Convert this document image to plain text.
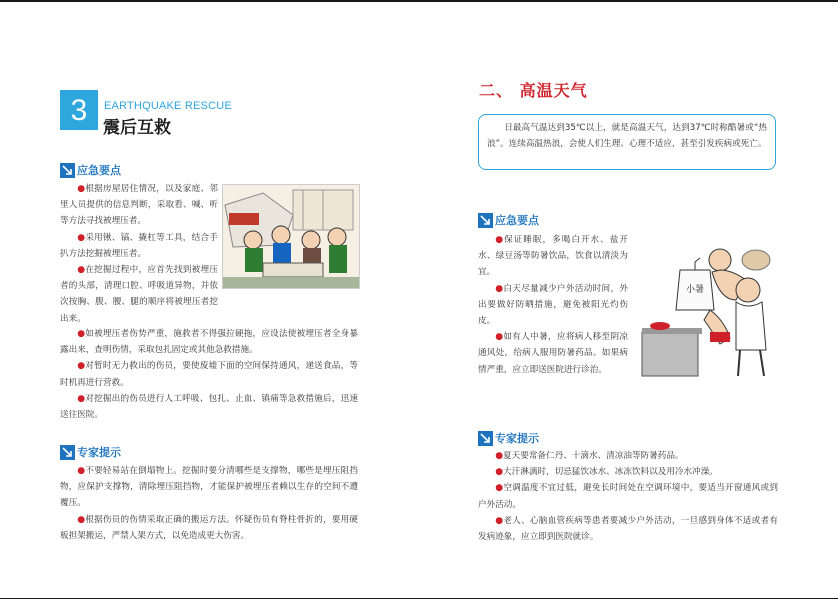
3	EARTHQUAKE RESCUE
震后互救
应急要点

●根据房屋居住情况，以及家庭、邻里人员提供的信息判断，采取看、喊、听等方法寻找被埋压者。

●采用锹、镐、撬杠等工具，结合手扒方法挖掘被埋压者。

●在挖掘过程中，应首先找到被埋压者的头部，清理口腔、呼吸道异物，并依次按胸、腹、腰、腿的顺序将被埋压者挖出来。

●如被埋压者伤势严重，施救者不得强拉硬拖，应设法使被埋压者全身暴露出来，查明伤情，采取包扎固定或其他急救措施。

●对暂时无力救出的伤员，要使废墟下面的空间保持通风，递送食品，等时机再进行营救。

●对挖掘出的伤员进行人工呼吸、包扎、止血、镇痛等急救措施后，迅速送往医院。

专家提示

●不要轻易站在倒塌物上。挖掘时要分清哪些是支撑物，哪些是埋压阻挡物，应保护支撑物，清除埋压阻挡物，才能保护被埋压者赖以生存的空间不遭覆压。

●根据伤员的伤情采取正确的搬运方法。怀疑伤员有脊柱骨折的，要用硬板担架搬运，严禁人架方式，以免造成更大伤害。

二、 高温天气
日最高气温达到35℃以上，就是高温天气，达到37℃时称酷暑或“热浪”。连续高温热浪，会使人们生理、心理不适应，甚至引发疾病或死亡。
应急要点

●保证睡眠，多喝白开水、盐开水、绿豆汤等防暑饮品，饮食以清淡为宜。

●白天尽量减少户外活动时间，外出要做好防晒措施，避免被阳光灼伤皮。

●如有人中暑，应将病人移至阴凉通风处，给病人服用防暑药品。如果病情严重，应立即送医院进行诊治。

小暑
专家提示

●夏天要常备仁丹、十滴水、清凉油等防暑药品。

●大汗淋漓时，切忌猛饮冰水、冰冻饮料以及用冷水冲澡。

●空调温度不宜过低，避免长时间处在空调环境中，要适当开窗通风或到户外活动。

●老人、心脑血管疾病等患者要减少户外活动，一旦感到身体不适或者有发病迹象，应立即到医院就诊。
